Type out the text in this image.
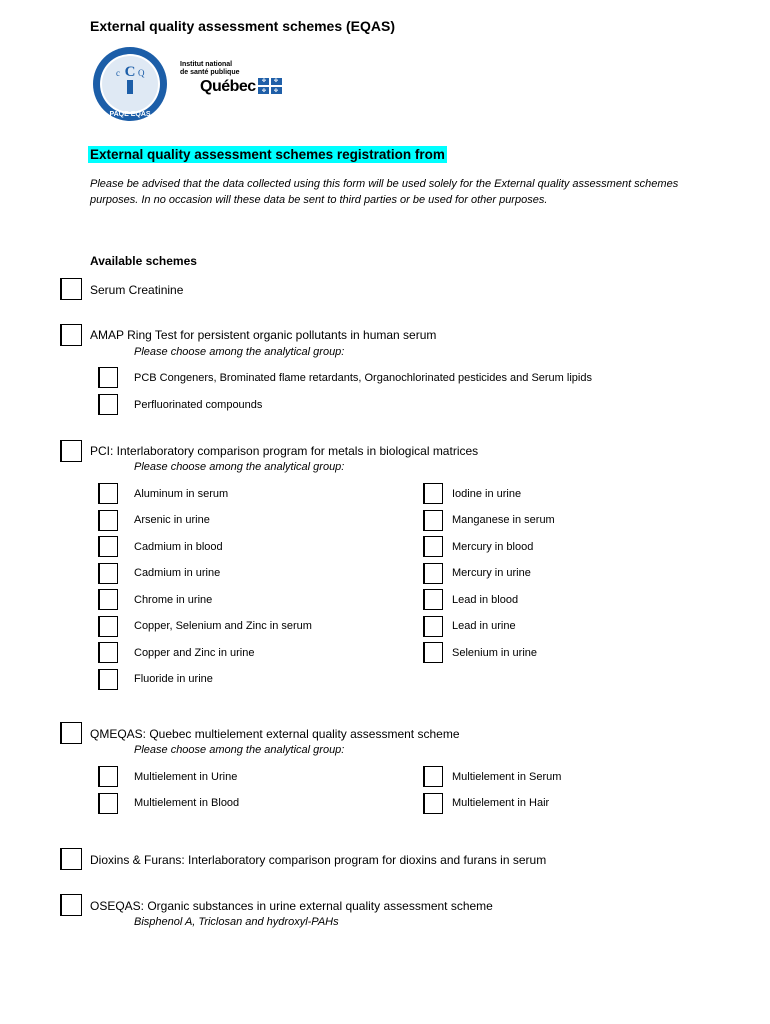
External quality assessment schemes (EQAS)
C
c Q
PAQE EQAS
Institut national
de santé publique
Québec ✤ ✤
✤ ✤
External quality assessment schemes registration from
Please be advised that the data collected using this form will be used solely for the External quality assessment schemes purposes. In no occasion will these data be sent to third parties or be used for other purposes.
Available schemes
Serum Creatinine
AMAP Ring Test for persistent organic pollutants in human serum
Please choose among the analytical group:
PCB Congeners, Brominated flame retardants, Organochlorinated pesticides and Serum lipids
Perfluorinated compounds
PCI: Interlaboratory comparison program for metals in biological matrices
Please choose among the analytical group:
Aluminum in serum
Arsenic in urine
Cadmium in blood
Cadmium in urine
Chrome in urine
Copper, Selenium and Zinc in serum
Copper and Zinc in urine
Fluoride in urine
Iodine in urine
Manganese in serum
Mercury in blood
Mercury in urine
Lead in blood
Lead in urine
Selenium in urine
QMEQAS: Quebec multielement external quality assessment scheme
Please choose among the analytical group:
Multielement in Urine
Multielement in Blood
Multielement in Serum
Multielement in Hair
Dioxins & Furans: Interlaboratory comparison program for dioxins and furans in serum
OSEQAS: Organic substances in urine external quality assessment scheme
Bisphenol A, Triclosan and hydroxyl-PAHs
